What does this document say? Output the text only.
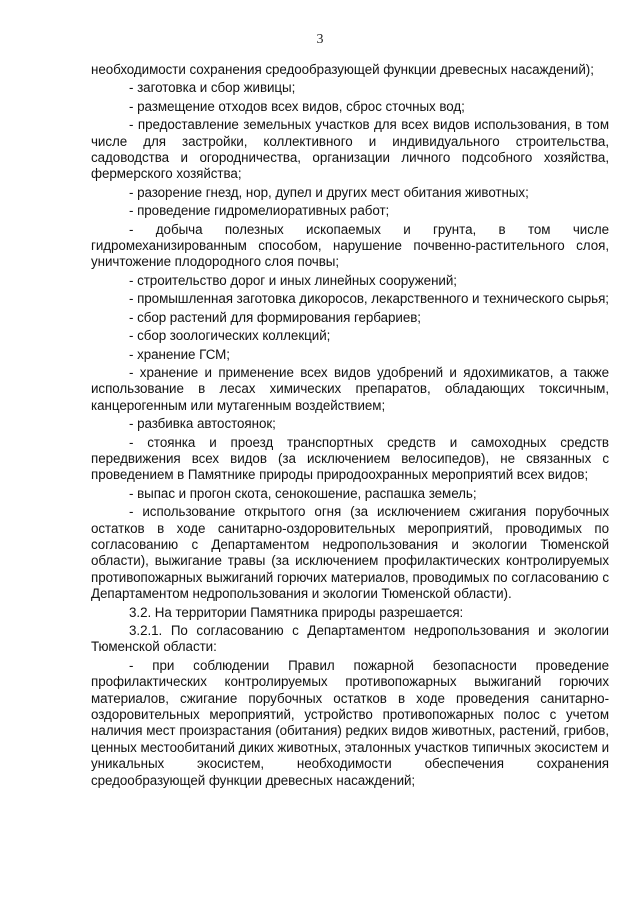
3

необходимости сохранения средообразующей функции древесных насаждений);

- заготовка и сбор живицы;

- размещение отходов всех видов, сброс сточных вод;

- предоставление земельных участков для всех видов использования, в том числе для застройки, коллективного и индивидуального строительства, садоводства и огородничества, организации личного подсобного хозяйства, фермерского хозяйства;

- разорение гнезд, нор, дупел и других мест обитания животных;

- проведение гидромелиоративных работ;

- добыча полезных ископаемых и грунта, в том числе гидромеханизированным способом, нарушение почвенно-растительного слоя, уничтожение плодородного слоя почвы;

- строительство дорог и иных линейных сооружений;

- промышленная заготовка дикоросов, лекарственного и технического сырья;

- сбор растений для формирования гербариев;

- сбор зоологических коллекций;

- хранение ГСМ;

- хранение и применение всех видов удобрений и ядохимикатов, а также использование в лесах химических препаратов, обладающих токсичным, канцерогенным или мутагенным воздействием;

- разбивка автостоянок;

- стоянка и проезд транспортных средств и самоходных средств передвижения всех видов (за исключением велосипедов), не связанных с проведением в Памятнике природы природоохранных мероприятий всех видов;

- выпас и прогон скота, сенокошение, распашка земель;

- использование открытого огня (за исключением сжигания порубочных остатков в ходе санитарно-оздоровительных мероприятий, проводимых по согласованию с Департаментом недропользования и экологии Тюменской области), выжигание травы (за исключением профилактических контролируемых противопожарных выжиганий горючих материалов, проводимых по согласованию с Департаментом недропользования и экологии Тюменской области).

3.2. На территории Памятника природы разрешается:

3.2.1. По согласованию с Департаментом недропользования и экологии Тюменской области:

- при соблюдении Правил пожарной безопасности проведение профилактических контролируемых противопожарных выжиганий горючих материалов, сжигание порубочных остатков в ходе проведения санитарно-оздоровительных мероприятий, устройство противопожарных полос с учетом наличия мест произрастания (обитания) редких видов животных, растений, грибов, ценных местообитаний диких животных, эталонных участков типичных экосистем и уникальных экосистем, необходимости обеспечения сохранения средообразующей функции древесных насаждений;
